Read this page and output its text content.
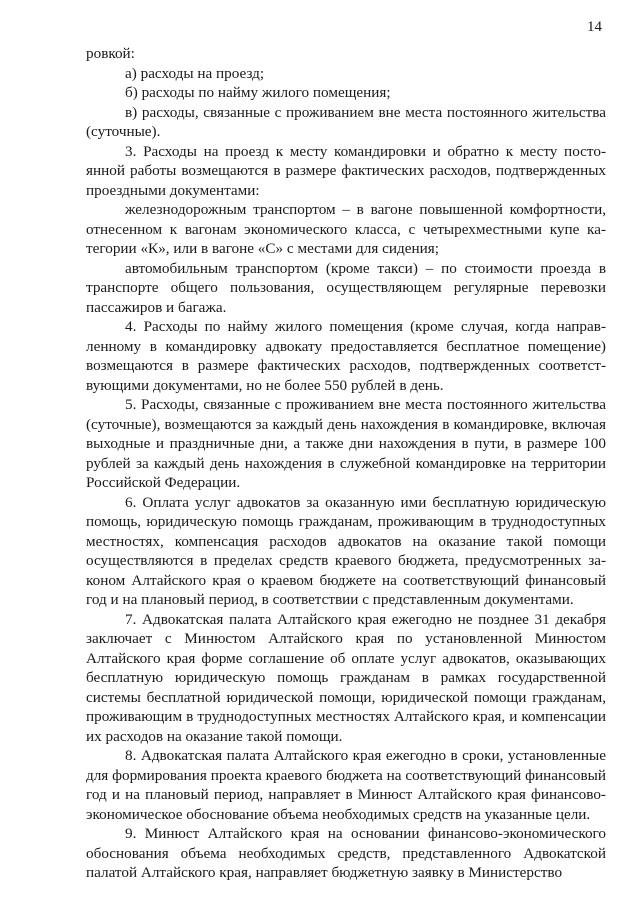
14

ровкой:

а) расходы на проезд;

б) расходы по найму жилого помещения;

в) расходы, связанные с проживанием вне места постоянного жительства (суточные).

3. Расходы на проезд к месту командировки и обратно к месту постоянной работы возмещаются в размере фактических расходов, подтвержденных проездными документами:

железнодорожным транспортом – в вагоне повышенной комфортности, отнесенном к вагонам экономического класса, с четырехместными купе категории «К», или в вагоне «С» с местами для сидения;

автомобильным транспортом (кроме такси) – по стоимости проезда в транспорте общего пользования, осуществляющем регулярные перевозки пассажиров и багажа.

4. Расходы по найму жилого помещения (кроме случая, когда направленному в командировку адвокату предоставляется бесплатное помещение) возмещаются в размере фактических расходов, подтвержденных соответствующими документами, но не более 550 рублей в день.

5. Расходы, связанные с проживанием вне места постоянного жительства (суточные), возмещаются за каждый день нахождения в командировке, включая выходные и праздничные дни, а также дни нахождения в пути, в размере 100 рублей за каждый день нахождения в служебной командировке на территории Российской Федерации.

6. Оплата услуг адвокатов за оказанную ими бесплатную юридическую помощь, юридическую помощь гражданам, проживающим в труднодоступных местностях, компенсация расходов адвокатов на оказание такой помощи осуществляются в пределах средств краевого бюджета, предусмотренных законом Алтайского края о краевом бюджете на соответствующий финансовый год и на плановый период, в соответствии с представленным документами.

7. Адвокатская палата Алтайского края ежегодно не позднее 31 декабря заключает с Минюстом Алтайского края по установленной Минюстом Алтайского края форме соглашение об оплате услуг адвокатов, оказывающих бесплатную юридическую помощь гражданам в рамках государственной системы бесплатной юридической помощи, юридической помощи гражданам, проживающим в труднодоступных местностях Алтайского края, и компенсации их расходов на оказание такой помощи.

8. Адвокатская палата Алтайского края ежегодно в сроки, установленные для формирования проекта краевого бюджета на соответствующий финансовый год и на плановый период, направляет в Минюст Алтайского края финансово-экономическое обоснование объема необходимых средств на указанные цели.

9. Минюст Алтайского края на основании финансово-экономического обоснования объема необходимых средств, представленного Адвокатской палатой Алтайского края, направляет бюджетную заявку в Министерство
